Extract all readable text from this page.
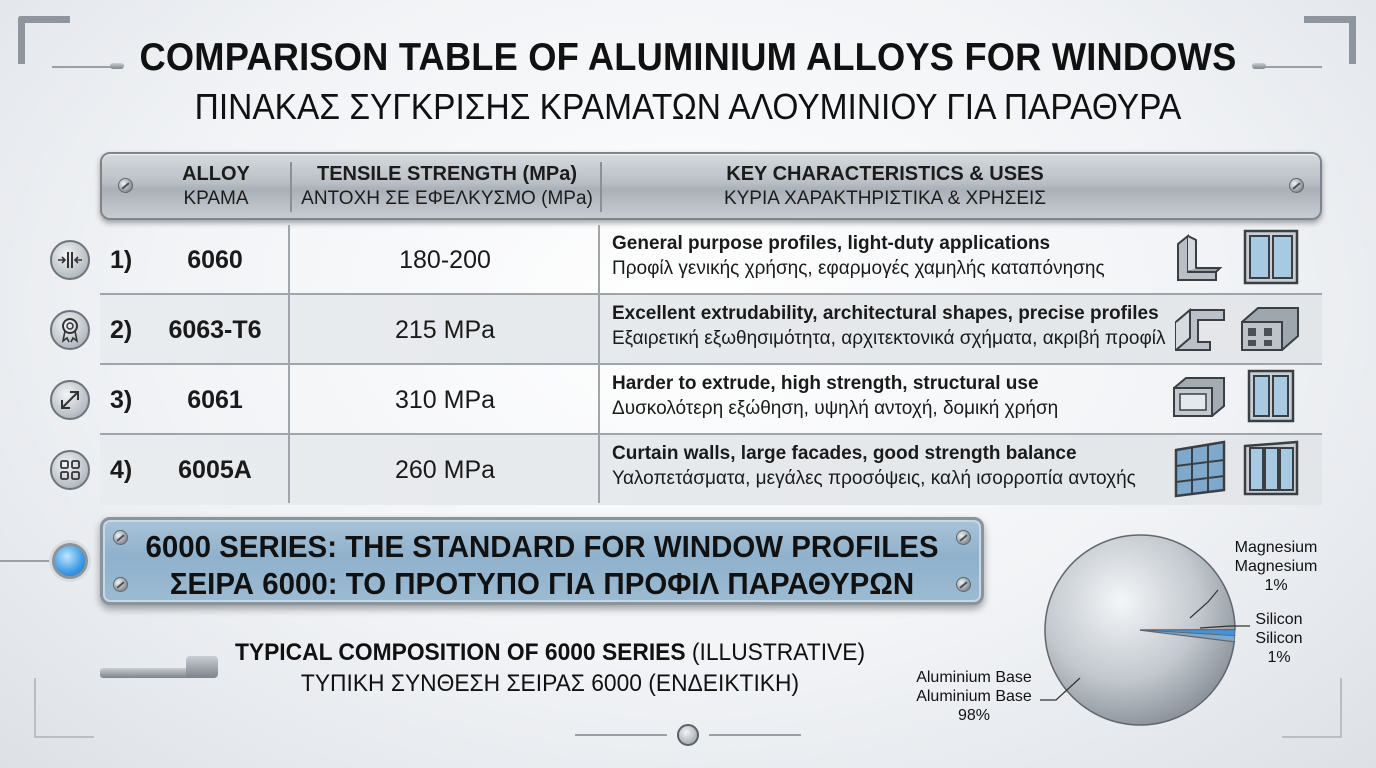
COMPARISON TABLE OF ALUMINIUM ALLOYS FOR WINDOWS
ΠΙΝΑΚΑΣ ΣΥΓΚΡΙΣΗΣ ΚΡΑΜΑΤΩΝ ΑΛΟΥΜΙΝΙΟΥ ΓΙΑ ΠΑΡΑΘΥΡΑ
ALLOY
ΚΡΑΜΑ
TENSILE STRENGTH (MPa)
ΑΝΤΟΧΗ ΣΕ ΕΦΕΛΚΥΣΜΟ (MPa)
KEY CHARACTERISTICS & USES
ΚΥΡΙΑ ΧΑΡΑΚΤΗΡΙΣΤΙΚΑ & ΧΡΗΣΕΙΣ
1)	6060	180-200
General purpose profiles, light-duty applications
Προφίλ γενικής χρήσης, εφαρμογές χαμηλής καταπόνησης
2)	6063-T6	215 MPa
Excellent extrudability, architectural shapes, precise profiles
Εξαιρετική εξωθησιμότητα, αρχιτεκτονικά σχήματα, ακριβή προφίλ
3)	6061	310 MPa
Harder to extrude, high strength, structural use
Δυσκολότερη εξώθηση, υψηλή αντοχή, δομική χρήση
4)	6005A	260 MPa
Curtain walls, large facades, good strength balance
Υαλοπετάσματα, μεγάλες προσόψεις, καλή ισορροπία αντοχής
6000 SERIES: THE STANDARD FOR WINDOW PROFILES
ΣΕΙΡΑ 6000: ΤΟ ΠΡΟΤΥΠΟ ΓΙΑ ΠΡΟΦΙΛ ΠΑΡΑΘΥΡΩΝ
TYPICAL COMPOSITION OF 6000 SERIES (ILLUSTRATIVE)
ΤΥΠΙΚΗ ΣΥΝΘΕΣΗ ΣΕΙΡΑΣ 6000 (ΕΝΔΕΙΚΤΙΚΗ)
Magnesium
Magnesium
1%
Silicon
Silicon
1%
Aluminium Base
Aluminium Base
98%
